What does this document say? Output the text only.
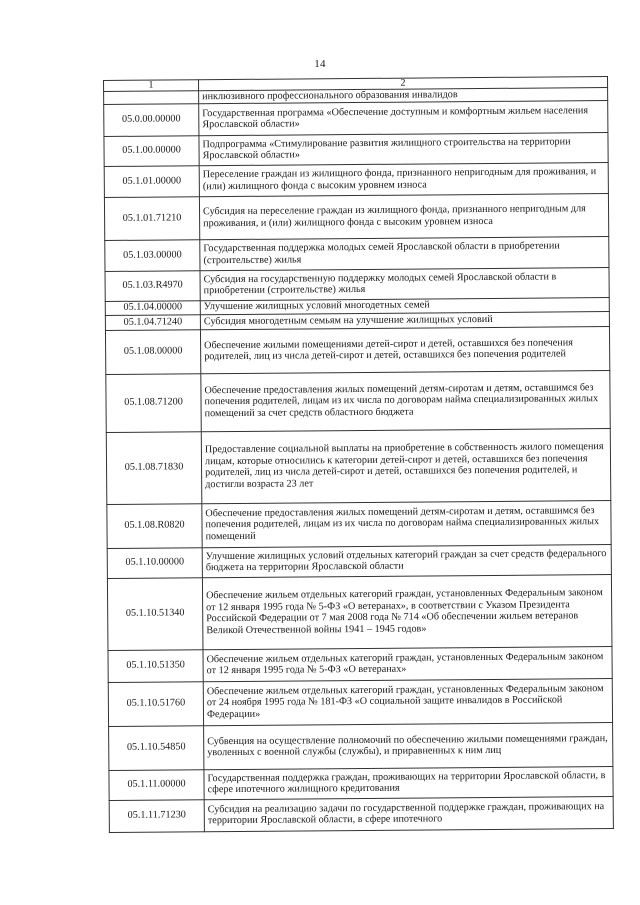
14
1	2
	инклюзивного профессионального образования инвалидов
05.0.00.00000	Государственная программа «Обеспечение доступным и комфортным жильем населения Ярославской области»
05.1.00.00000	Подпрограмма «Стимулирование развития жилищного строительства на территории Ярославской области»
05.1.01.00000	Переселение граждан из жилищного фонда, признанного непригодным для проживания, и (или) жилищного фонда с высоким уровнем износа
05.1.01.71210	Субсидия на переселение граждан из жилищного фонда, признанного непригодным для проживания, и (или) жилищного фонда с высоким уровнем износа
05.1.03.00000	Государственная поддержка молодых семей Ярославской области в приобретении (строительстве) жилья
05.1.03.R4970	Субсидия на государственную поддержку молодых семей Ярославской области в приобретении (строительстве) жилья
05.1.04.00000	Улучшение жилищных условий многодетных семей
05.1.04.71240	Субсидия многодетным семьям на улучшение жилищных условий
05.1.08.00000	Обеспечение жилыми помещениями детей-сирот и детей, оставшихся без попечения родителей, лиц из числа детей-сирот и детей, оставшихся без попечения родителей
05.1.08.71200	Обеспечение предоставления жилых помещений детям-сиротам и детям, оставшимся без попечения родителей, лицам из их числа по договорам найма специализированных жилых помещений за счет средств областного бюджета
05.1.08.71830	Предоставление социальной выплаты на приобретение в собственность жилого помещения лицам, которые относились к категории детей-сирот и детей, оставшихся без попечения родителей, лиц из числа детей-сирот и детей, оставшихся без попечения родителей, и достигли возраста 23 лет
05.1.08.R0820	Обеспечение предоставления жилых помещений детям-сиротам и детям, оставшимся без попечения родителей, лицам из их числа по договорам найма специализированных жилых помещений
05.1.10.00000	Улучшение жилищных условий отдельных категорий граждан за счет средств федерального бюджета на территории Ярославской области
05.1.10.51340	Обеспечение жильем отдельных категорий граждан, установленных Федеральным законом от 12 января 1995 года № 5-ФЗ «О ветеранах», в соответствии с Указом Президента Российской Федерации от 7 мая 2008 года № 714 «Об обеспечении жильем ветеранов Великой Отечественной войны 1941 – 1945 годов»
05.1.10.51350	Обеспечение жильем отдельных категорий граждан, установленных Федеральным законом от 12 января 1995 года № 5-ФЗ «О ветеранах»
05.1.10.51760	Обеспечение жильем отдельных категорий граждан, установленных Федеральным законом от 24 ноября 1995 года № 181-ФЗ «О социальной защите инвалидов в Российской Федерации»
05.1.10.54850	Субвенция на осуществление полномочий по обеспечению жилыми помещениями граждан, уволенных с военной службы (службы), и приравненных к ним лиц
05.1.11.00000	Государственная поддержка граждан, проживающих на территории Ярославской области, в сфере ипотечного жилищного кредитования
05.1.11.71230	Субсидия на реализацию задачи по государственной поддержке граждан, проживающих на территории Ярославской области, в сфере ипотечного
